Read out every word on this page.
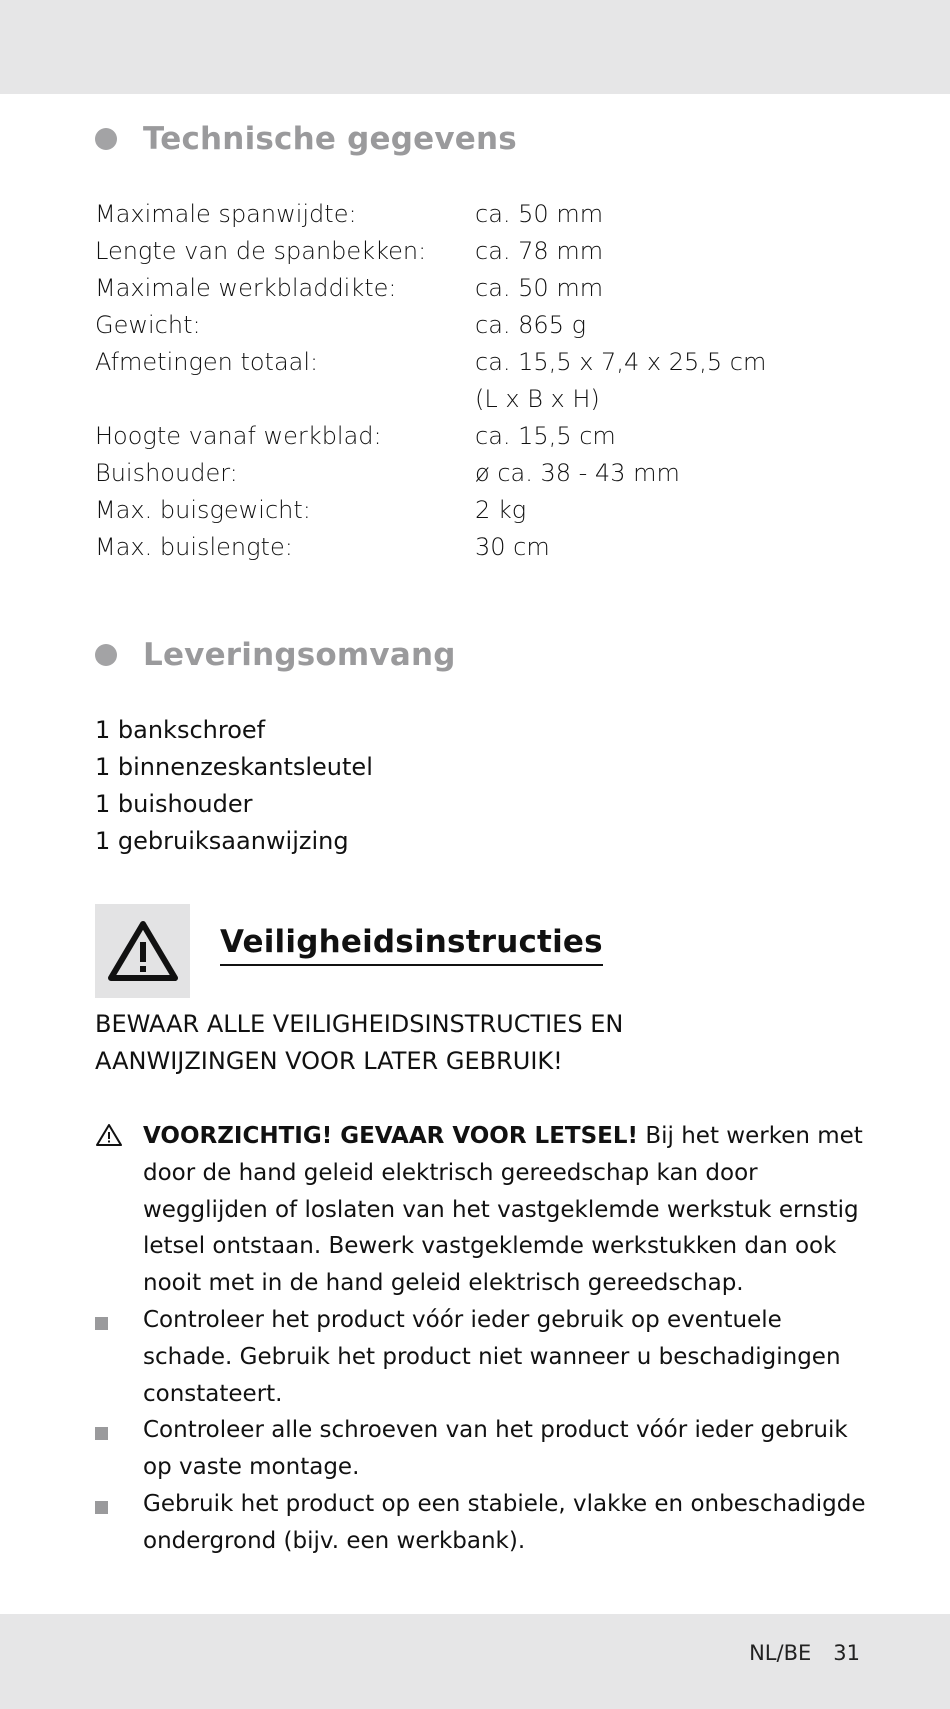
Technische gegevens
Maximale spanwijdte:	ca. 50 mm
Lengte van de spanbekken:	ca. 78 mm
Maximale werkbladdikte:	ca. 50 mm
Gewicht:	ca. 865 g
Afmetingen totaal:	ca. 15,5 x 7,4 x 25,5 cm
(L x B x H)
Hoogte vanaf werkblad:	ca. 15,5 cm
Buishouder:	ø ca. 38 - 43 mm
Max. buisgewicht:	2 kg
Max. buislengte:	30 cm
Leveringsomvang
1 bankschroef
1 binnenzeskantsleutel
1 buishouder
1 gebruiksaanwijzing
Veiligheidsinstructies
BEWAAR ALLE VEILIGHEIDSINSTRUCTIES EN
AANWIJZINGEN VOOR LATER GEBRUIK!
VOORZICHTIG! GEVAAR VOOR LETSEL! Bij het werken met door de hand geleid elektrisch gereedschap kan door wegglijden of loslaten van het vastgeklemde werkstuk ernstig letsel ontstaan. Bewerk vastgeklemde werkstukken dan ook nooit met in de hand geleid elektrisch gereedschap.
Controleer het product vóór ieder gebruik op eventuele schade. Gebruik het product niet wanneer u beschadigingen constateert.
Controleer alle schroeven van het product vóór ieder gebruik op vaste montage.
Gebruik het product op een stabiele, vlakke en onbeschadigde ondergrond (bijv. een werkbank).
NL/BE 31
